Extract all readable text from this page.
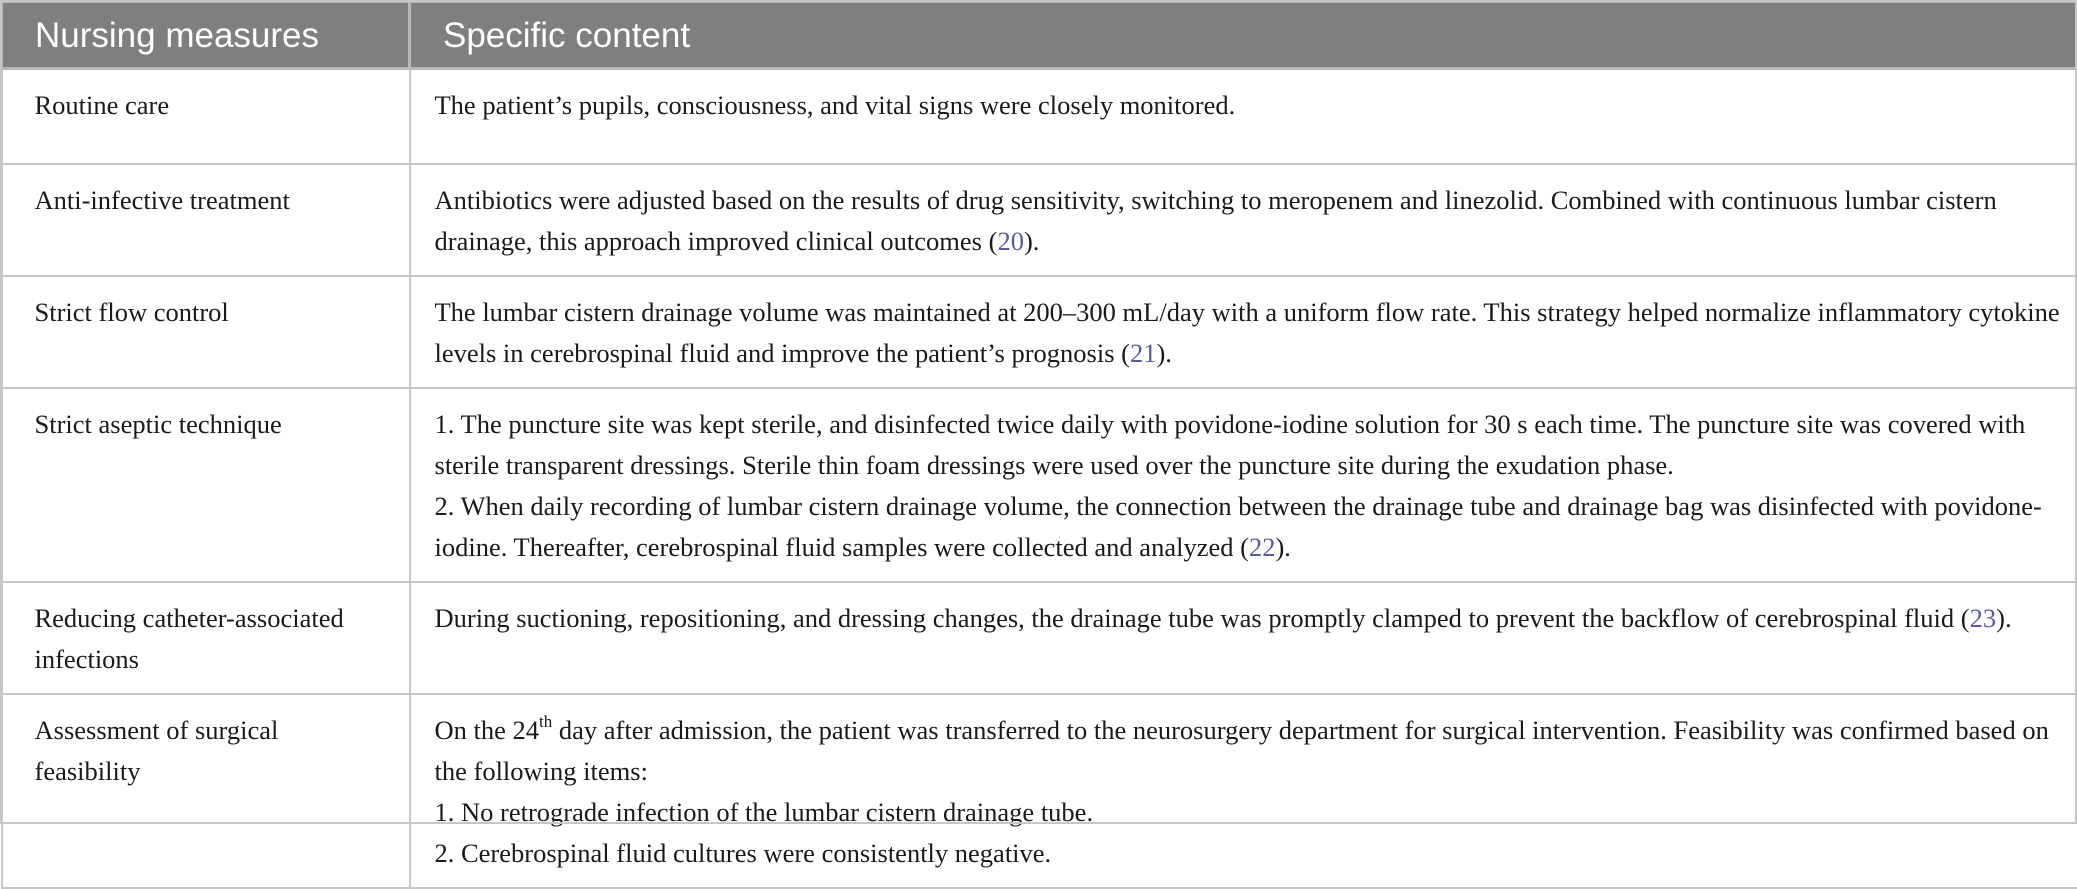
Nursing measures	Specific content
Routine care	The patient’s pupils, consciousness, and vital signs were closely monitored.
Anti-infective treatment	Antibiotics were adjusted based on the results of drug sensitivity, switching to meropenem and linezolid. Combined with continuous lumbar cistern drainage, this approach improved clinical outcomes (20).
Strict flow control	The lumbar cistern drainage volume was maintained at 200–300 mL/day with a uniform flow rate. This strategy helped normalize inflammatory cytokine levels in cerebrospinal fluid and improve the patient’s prognosis (21).
Strict aseptic technique	1. The puncture site was kept sterile, and disinfected twice daily with povidone-iodine solution for 30 s each time. The puncture site was covered with sterile transparent dressings. Sterile thin foam dressings were used over the puncture site during the exudation phase.
2. When daily recording of lumbar cistern drainage volume, the connection between the drainage tube and drainage bag was disinfected with povidone-iodine. Thereafter, cerebrospinal fluid samples were collected and analyzed (22).
Reducing catheter-associated infections	During suctioning, repositioning, and dressing changes, the drainage tube was promptly clamped to prevent the backflow of cerebrospinal fluid (23).
Assessment of surgical feasibility	On the 24th day after admission, the patient was transferred to the neurosurgery department for surgical intervention. Feasibility was confirmed based on the following items:
1. No retrograde infection of the lumbar cistern drainage tube.
2. Cerebrospinal fluid cultures were consistently negative.
